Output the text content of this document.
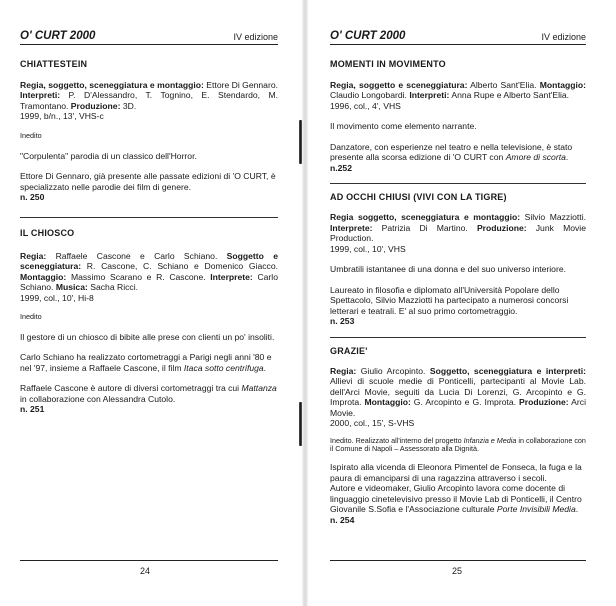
O' CURT 2000	IV edizione
CHIATTESTEIN

Regia, soggetto, sceneggiatura e montaggio: Ettore Di Gennaro. Interpreti: P. D'Alessandro, T. Tognino, E. Stendardo, M. Tramontano. Produzione: 3D.

1999, b/n., 13', VHS-c

Inedito

"Corpulenta" parodia di un classico dell'Horror.

Ettore Di Gennaro, già presente alle passate edizioni di 'O CURT, è specializzato nelle parodie dei film di genere.

n. 250

IL CHIOSCO

Regia: Raffaele Cascone e Carlo Schiano. Soggetto e sceneggiatura: R. Cascone, C. Schiano e Domenico Giacco. Montaggio: Massimo Scarano e R. Cascone. Interprete: Carlo Schiano. Musica: Sacha Ricci.

1999, col., 10', Hi-8

Inedito

Il gestore di un chiosco di bibite alle prese con clienti un po' insoliti.

Carlo Schiano ha realizzato cortometraggi a Parigi negli anni '80 e nel '97, insieme a Raffaele Cascone, il film Itaca sotto centrifuga.

Raffaele Cascone è autore di diversi cortometraggi tra cui Mattanza in collaborazione con Alessandra Cutolo.

n. 251

24
O' CURT 2000	IV edizione
MOMENTI IN MOVIMENTO

Regia, soggetto e sceneggiatura: Alberto Sant'Elia. Montaggio: Claudio Longobardi. Interpreti: Anna Rupe e Alberto Sant'Elia.

1996, col., 4', VHS

Il movimento come elemento narrante.

Danzatore, con esperienze nel teatro e nella televisione, è stato presente alla scorsa edizione di 'O CURT con Amore di scorta.

n.252

AD OCCHI CHIUSI (VIVI CON LA TIGRE)

Regia soggetto, sceneggiatura e montaggio: Silvio Mazziotti. Interprete: Patrizia Di Martino. Produzione: Junk Movie Production.

1999, col., 10', VHS

Umbratili istantanee di una donna e del suo universo interiore.

Laureato in filosofia e diplomato all'Università Popolare dello Spettacolo, Silvio Mazziotti ha partecipato a numerosi concorsi letterari e teatrali. E' al suo primo cortometraggio.

n. 253

GRAZIE'

Regia: Giulio Arcopinto. Soggetto, sceneggiatura e interpreti: Allievi di scuole medie di Ponticelli, partecipanti al Movie Lab. dell'Arci Movie, seguiti da Lucia Di Lorenzi, G. Arcopinto e G. Improta. Montaggio: G. Arcopinto e G. Improta. Produzione: Arci Movie.

2000, col., 15', S-VHS

Inedito. Realizzato all'interno del progetto Infanzia e Media in collaborazione con il Comune di Napoli – Assessorato alla Dignità.

Ispirato alla vicenda di Eleonora Pimentel de Fonseca, la fuga e la paura di emanciparsi di una ragazzina attraverso i secoli.

Autore e videomaker, Giulio Arcopinto lavora come docente di linguaggio cinetelevisivo presso il Movie Lab di Ponticelli, il Centro Giovanile S.Sofia e l'Associazione culturale Porte Invisibili Media.

n. 254

25
